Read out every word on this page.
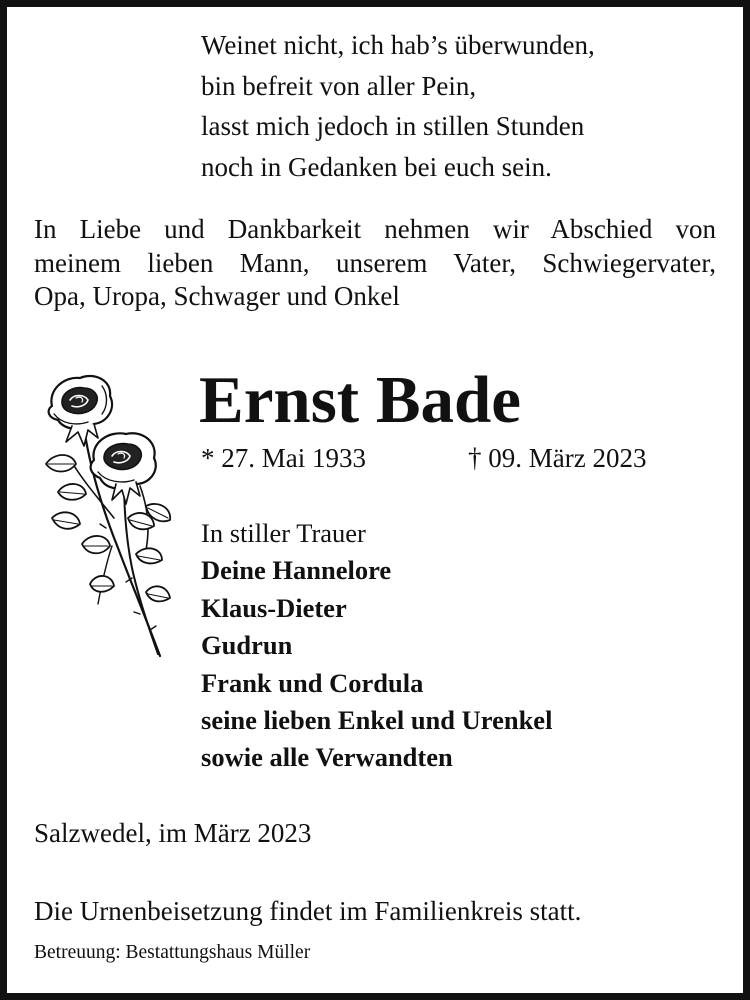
Weinet nicht, ich hab’s überwunden,
bin befreit von aller Pein,
lasst mich jedoch in stillen Stunden
noch in Gedanken bei euch sein.
In Liebe und Dankbarkeit nehmen wir Abschied von
meinem lieben Mann, unserem Vater, Schwiegervater,
Opa, Uropa, Schwager und Onkel
Ernst Bade
* 27. Mai 1933	† 09. März 2023
In stiller Trauer
Deine Hannelore
Klaus-Dieter
Gudrun
Frank und Cordula
seine lieben Enkel und Urenkel
sowie alle Verwandten
Salzwedel, im März 2023
Die Urnenbeisetzung findet im Familienkreis statt.
Betreuung: Bestattungshaus Müller
